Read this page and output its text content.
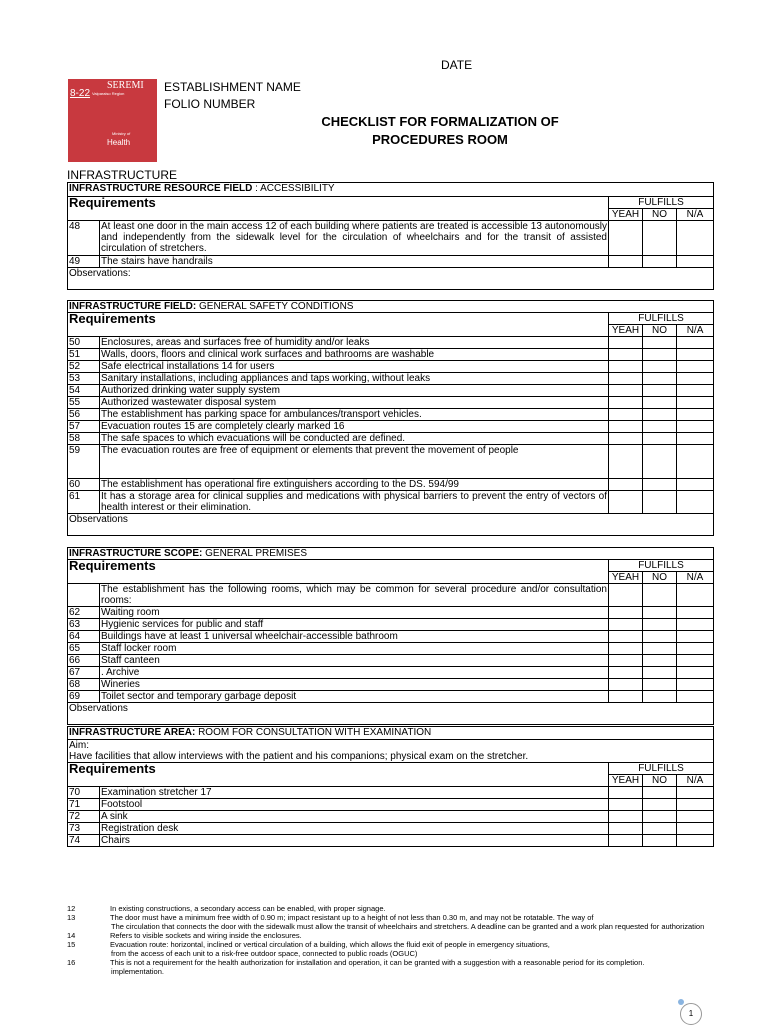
DATE
SEREMI
8-22 Valparaiso Region
Ministry of
Health
ESTABLISHMENT NAME
FOLIO NUMBER
CHECKLIST FOR FORMALIZATION OF
PROCEDURES ROOM
INFRASTRUCTURE
INFRASTRUCTURE RESOURCE FIELD : ACCESSIBILITY				
Requirements		FULFILLS		
		YEAH	NO	N/A
48	At least one door in the main access 12 of each building where patients are treated is accessible 13 autonomously and independently from the sidewalk level for the circulation of wheelchairs and for the transit of assisted circulation of stretchers.			
49	The stairs have handrails			
Observations:				
INFRASTRUCTURE FIELD: GENERAL SAFETY CONDITIONS				
Requirements		FULFILLS		
		YEAH	NO	N/A
50	Enclosures, areas and surfaces free of humidity and/or leaks			
51	Walls, doors, floors and clinical work surfaces and bathrooms are washable			
52	Safe electrical installations 14 for users			
53	Sanitary installations, including appliances and taps working, without leaks			
54	Authorized drinking water supply system			
55	Authorized wastewater disposal system			
56	The establishment has parking space for ambulances/transport vehicles.			
57	Evacuation routes 15 are completely clearly marked 16			
58	The safe spaces to which evacuations will be conducted are defined.			
59	The evacuation routes are free of equipment or elements that prevent the movement of people			
60	The establishment has operational fire extinguishers according to the DS. 594/99			
61	It has a storage area for clinical supplies and medications with physical barriers to prevent the entry of vectors of health interest or their elimination.			
Observations				
INFRASTRUCTURE SCOPE: GENERAL PREMISES				
Requirements		FULFILLS		
		YEAH	NO	N/A
	The establishment has the following rooms, which may be common for several procedure and/or consultation rooms:			
62	Waiting room			
63	Hygienic services for public and staff			
64	Buildings have at least 1 universal wheelchair-accessible bathroom			
65	Staff locker room			
66	Staff canteen			
67	. Archive			
68	Wineries			
69	Toilet sector and temporary garbage deposit			
Observations				
INFRASTRUCTURE AREA: ROOM FOR CONSULTATION WITH EXAMINATION				

Aim:
Have facilities that allow interviews with the patient and his companions; physical exam on the stretcher.				

Requirements		FULFILLS		
		YEAH	NO	N/A
70	Examination stretcher 17			
71	Footstool			
72	A sink			
73	Registration desk			
74	Chairs			
12	In existing constructions, a secondary access can be enabled, with proper signage.
13	The door must have a minimum free width of 0.90 m; impact resistant up to a height of not less than 0.30 m, and may not be rotatable. The way of
The circulation that connects the door with the sidewalk must allow the transit of wheelchairs and stretchers. A deadline can be granted and a work plan requested for authorization
14	Refers to visible sockets and wiring inside the enclosures.
15	Evacuation route: horizontal, inclined or vertical circulation of a building, which allows the fluid exit of people in emergency situations,
from the access of each unit to a risk-free outdoor space, connected to public roads (OGUC)
16	This is not a requirement for the health authorization for installation and operation, it can be granted with a suggestion with a reasonable period for its completion.
implementation.
1
